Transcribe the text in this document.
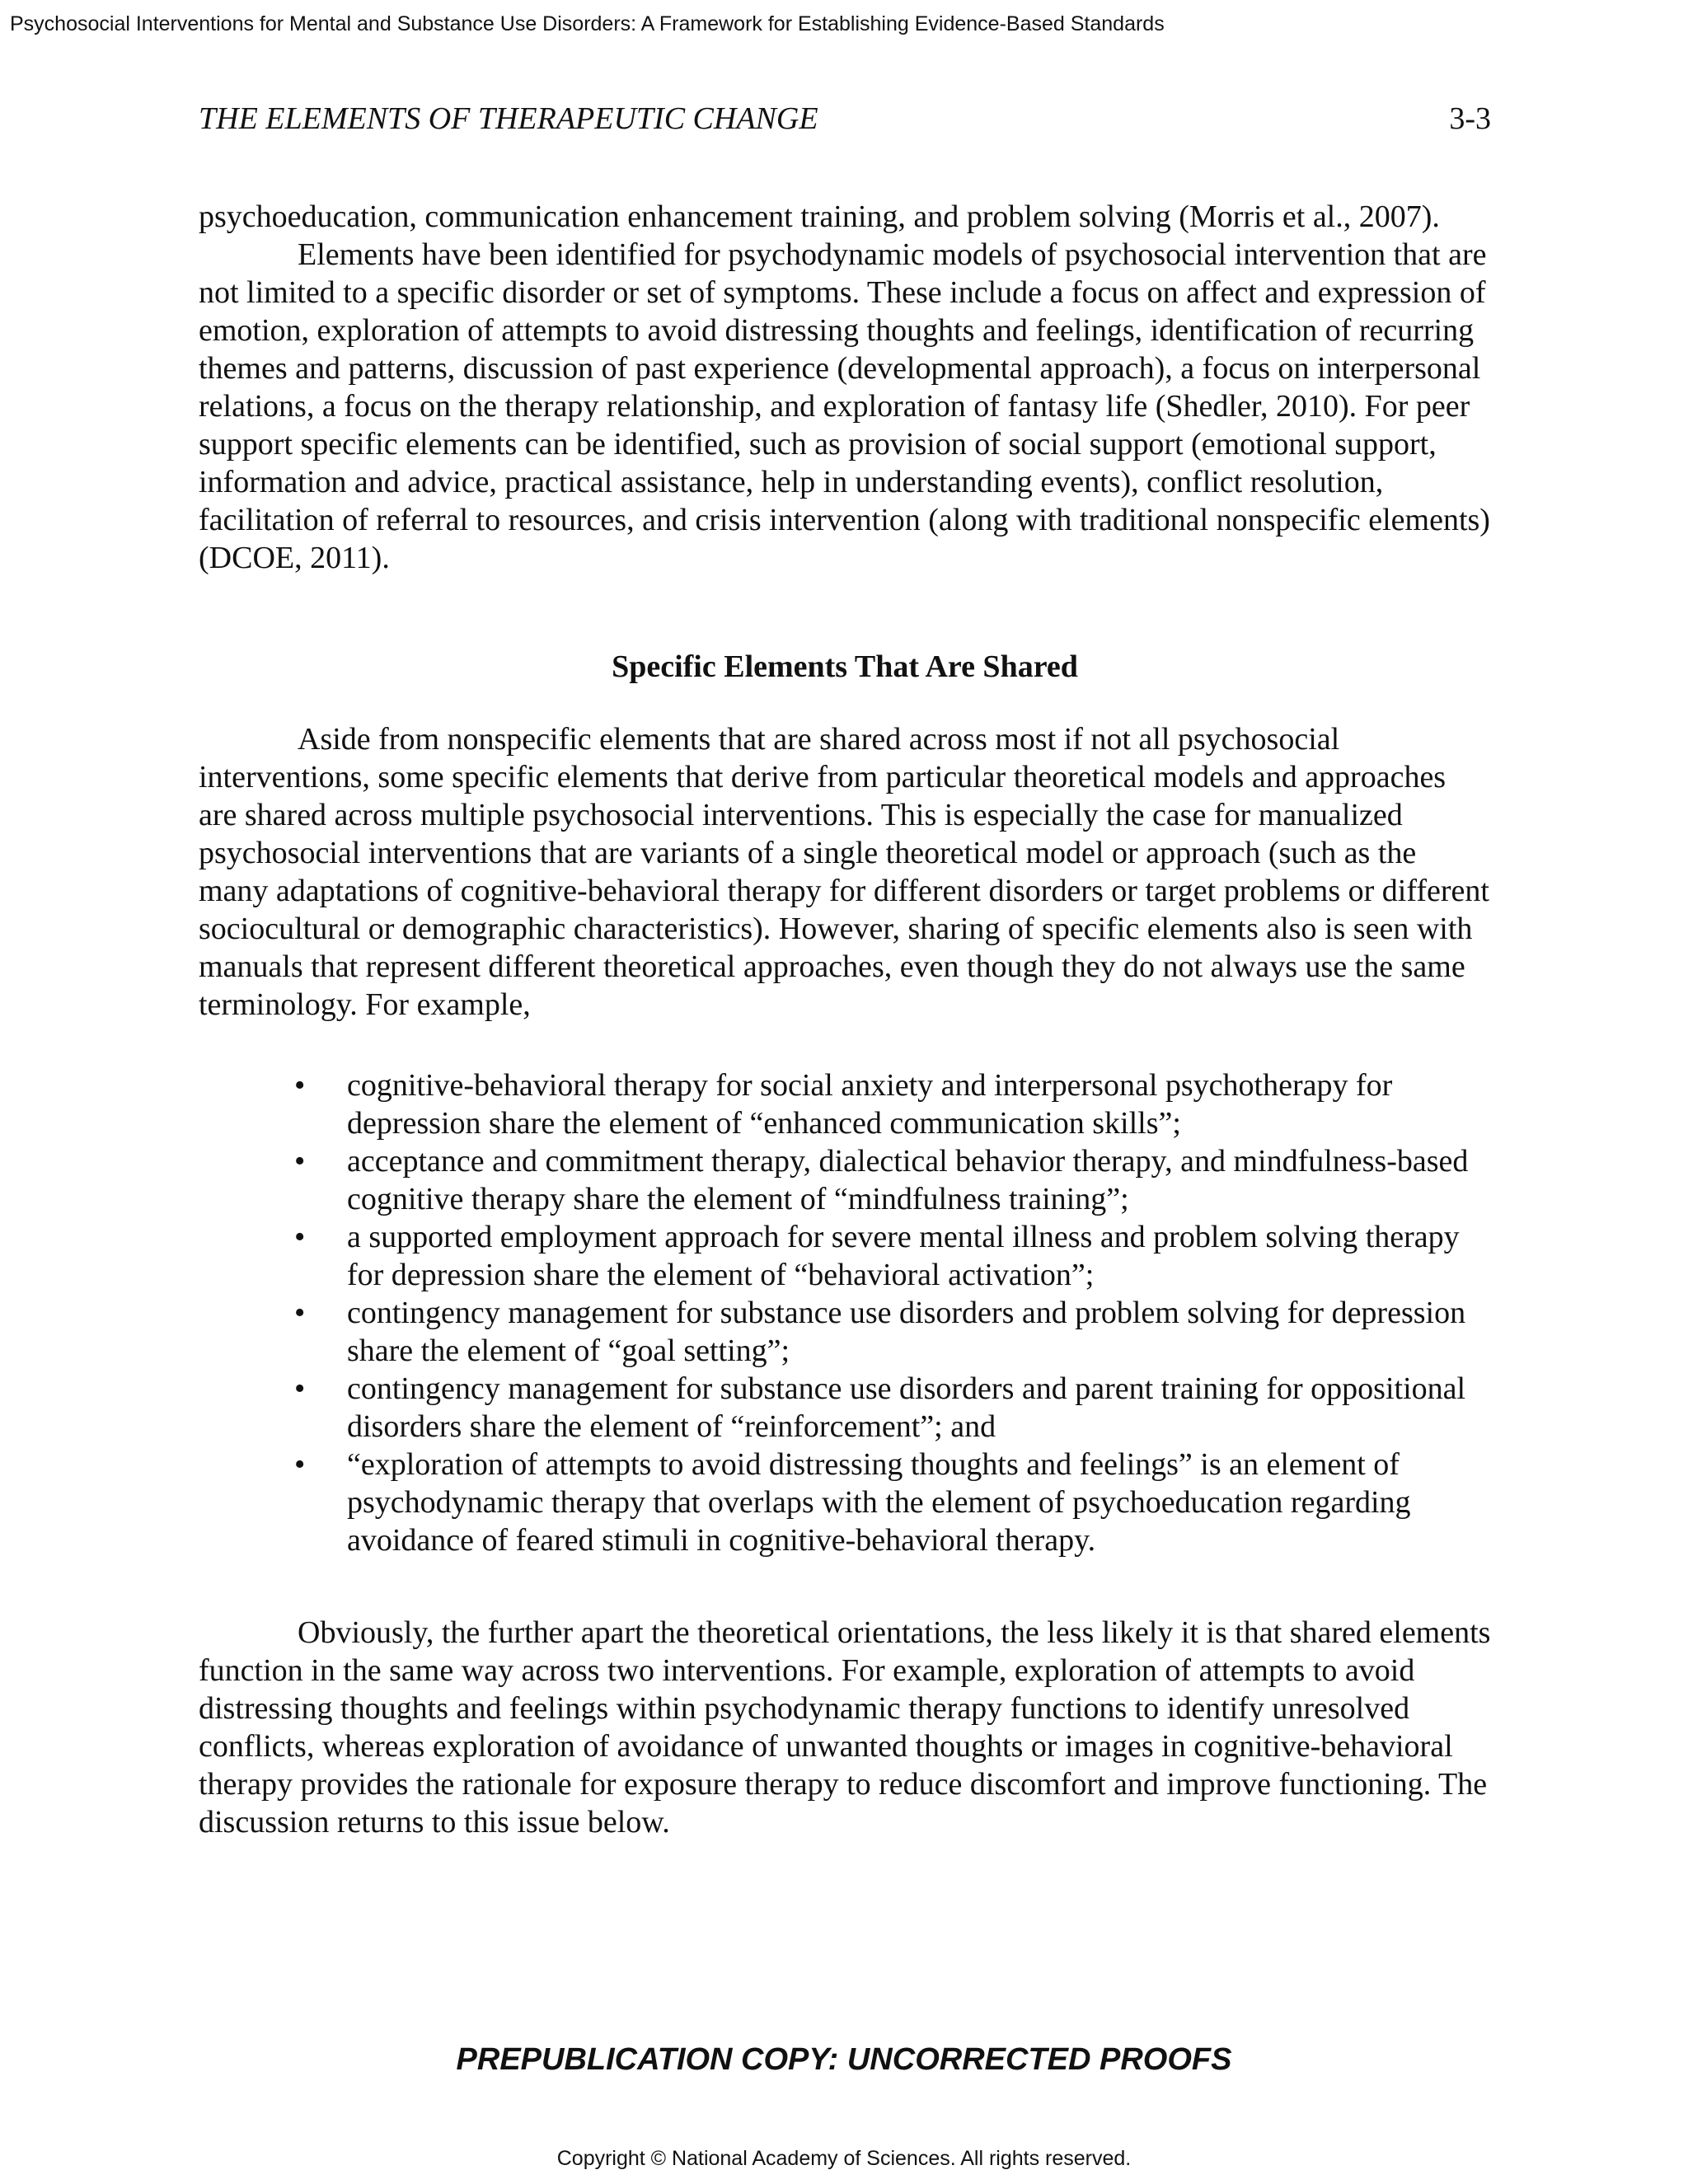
Psychosocial Interventions for Mental and Substance Use Disorders: A Framework for Establishing Evidence-Based Standards
THE ELEMENTS OF THERAPEUTIC CHANGE	3-3

psychoeducation, communication enhancement training, and problem solving (Morris et al., 2007).

Elements have been identified for psychodynamic models of psychosocial intervention that are not limited to a specific disorder or set of symptoms. These include a focus on affect and expression of emotion, exploration of attempts to avoid distressing thoughts and feelings, identification of recurring themes and patterns, discussion of past experience (developmental approach), a focus on interpersonal relations, a focus on the therapy relationship, and exploration of fantasy life (Shedler, 2010). For peer support specific elements can be identified, such as provision of social support (emotional support, information and advice, practical assistance, help in understanding events), conflict resolution, facilitation of referral to resources, and crisis intervention (along with traditional nonspecific elements) (DCOE, 2011).

Specific Elements That Are Shared

Aside from nonspecific elements that are shared across most if not all psychosocial interventions, some specific elements that derive from particular theoretical models and approaches are shared across multiple psychosocial interventions. This is especially the case for manualized psychosocial interventions that are variants of a single theoretical model or approach (such as the many adaptations of cognitive-behavioral therapy for different disorders or target problems or different sociocultural or demographic characteristics). However, sharing of specific elements also is seen with manuals that represent different theoretical approaches, even though they do not always use the same terminology. For example,

• cognitive-behavioral therapy for social anxiety and interpersonal psychotherapy for depression share the element of “enhanced communication skills”;
• acceptance and commitment therapy, dialectical behavior therapy, and mindfulness-based cognitive therapy share the element of “mindfulness training”;
• a supported employment approach for severe mental illness and problem solving therapy for depression share the element of “behavioral activation”;
• contingency management for substance use disorders and problem solving for depression share the element of “goal setting”;
• contingency management for substance use disorders and parent training for oppositional disorders share the element of “reinforcement”; and
• “exploration of attempts to avoid distressing thoughts and feelings” is an element of psychodynamic therapy that overlaps with the element of psychoeducation regarding avoidance of feared stimuli in cognitive-behavioral therapy.

Obviously, the further apart the theoretical orientations, the less likely it is that shared elements function in the same way across two interventions. For example, exploration of attempts to avoid distressing thoughts and feelings within psychodynamic therapy functions to identify unresolved conflicts, whereas exploration of avoidance of unwanted thoughts or images in cognitive-behavioral therapy provides the rationale for exposure therapy to reduce discomfort and improve functioning. The discussion returns to this issue below.

PREPUBLICATION COPY: UNCORRECTED PROOFS
Copyright © National Academy of Sciences. All rights reserved.
